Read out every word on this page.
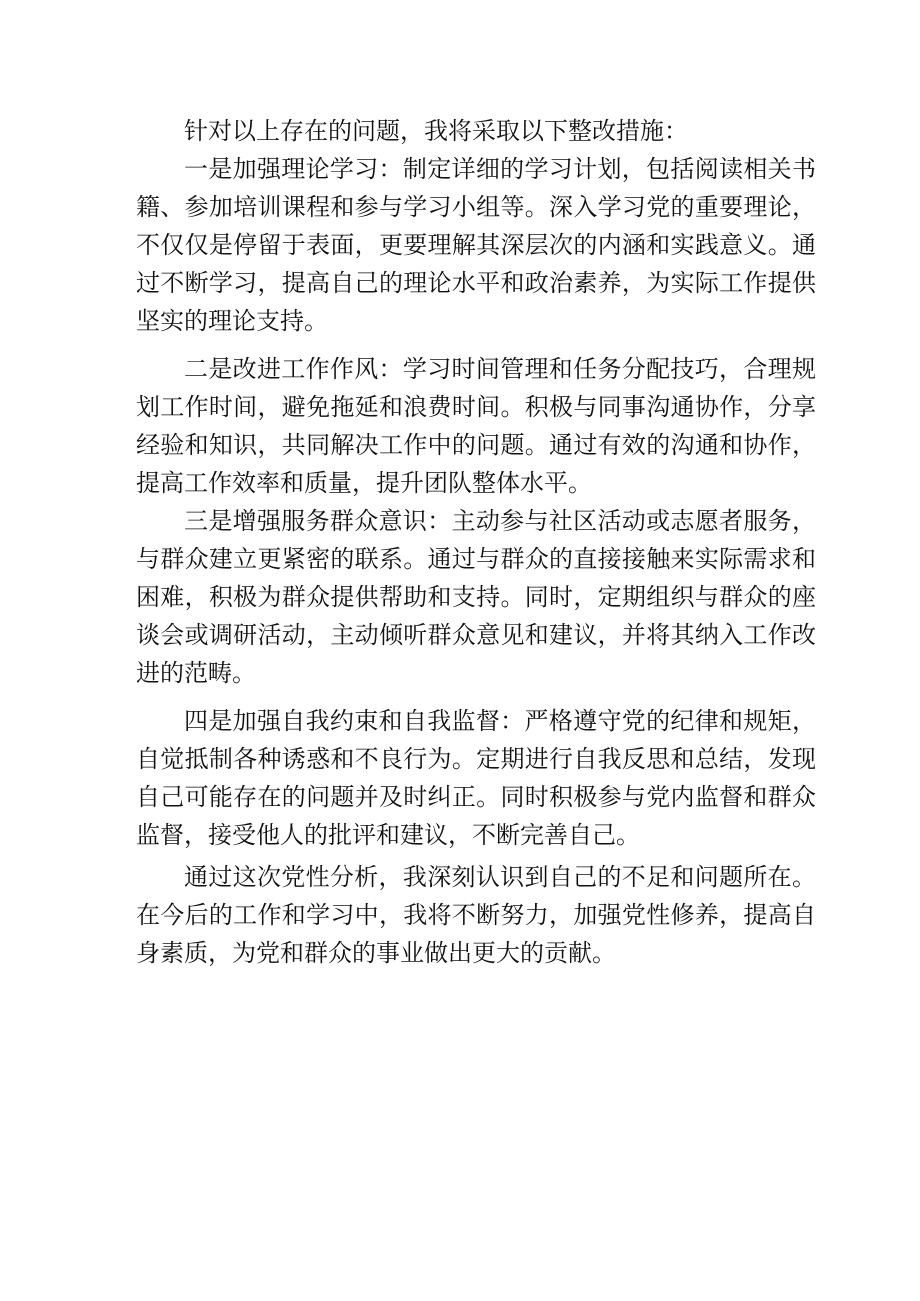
针对以上存在的问题，我将采取以下整改措施：

一是加强理论学习：制定详细的学习计划，包括阅读相关书籍、参加培训课程和参与学习小组等。深入学习党的重要理论，不仅仅是停留于表面，更要理解其深层次的内涵和实践意义。通过不断学习，提高自己的理论水平和政治素养，为实际工作提供坚实的理论支持。

二是改进工作作风：学习时间管理和任务分配技巧，合理规划工作时间，避免拖延和浪费时间。积极与同事沟通协作，分享经验和知识，共同解决工作中的问题。通过有效的沟通和协作，提高工作效率和质量，提升团队整体水平。

三是增强服务群众意识：主动参与社区活动或志愿者服务，与群众建立更紧密的联系。通过与群众的直接接触来实际需求和困难，积极为群众提供帮助和支持。同时，定期组织与群众的座谈会或调研活动，主动倾听群众意见和建议，并将其纳入工作改进的范畴。

四是加强自我约束和自我监督：严格遵守党的纪律和规矩，自觉抵制各种诱惑和不良行为。定期进行自我反思和总结，发现自己可能存在的问题并及时纠正。同时积极参与党内监督和群众监督，接受他人的批评和建议，不断完善自己。

通过这次党性分析，我深刻认识到自己的不足和问题所在。在今后的工作和学习中，我将不断努力，加强党性修养，提高自身素质，为党和群众的事业做出更大的贡献。
